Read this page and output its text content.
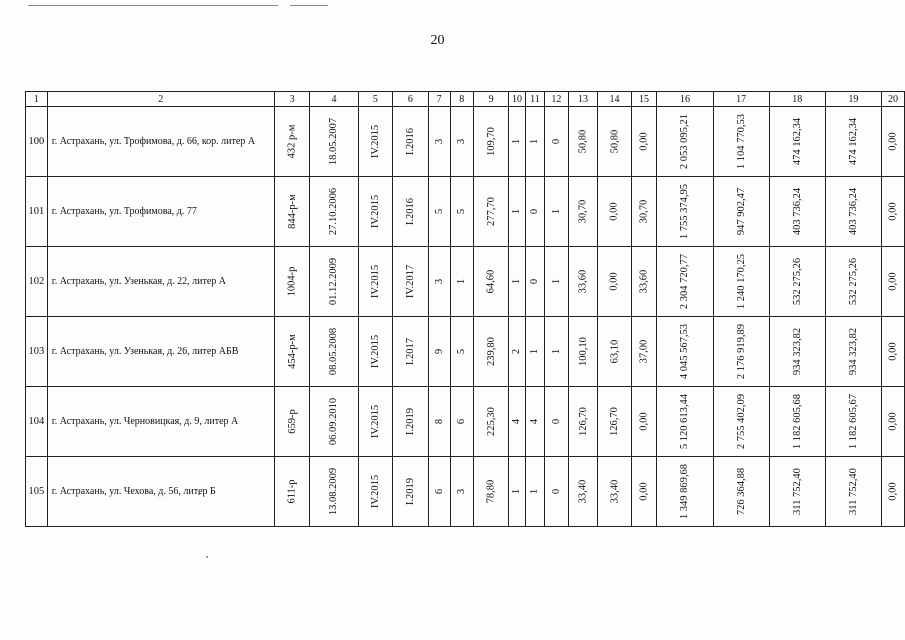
20
1	2	3	4	5	6	7	8	9	10	11	12	13	14	15	16	17	18	19	20
100	г. Астрахань, ул. Трофимова, д. 66, кор. литер А	432 р-м	18.05.2007	IV.2015	I.2016	3	3	109,70	1	1	0	50,80	50,80	0,00	2 053 095,21	1 104 770,53	474 162,34	474 162,34	0,00
101	г. Астрахань, ул. Трофимова, д. 77	844-р-м	27.10.2006	IV.2015	I.2016	5	5	277,70	1	0	1	30,70	0,00	30,70	1 755 374,95	947 902,47	403 736,24	403 736,24	0,00
102	г. Астрахань, ул. Узенькая, д. 22, литер А	1004-р	01.12.2009	IV.2015	IV.2017	3	1	64,60	1	0	1	33,60	0,00	33,60	2 304 720,77	1 240 170,25	532 275,26	532 275,26	0,00
103	г. Астрахань, ул. Узенькая, д. 26, литер АБВ	454-р-м	08.05.2008	IV.2015	I.2017	9	5	239,80	2	1	1	100,10	63,10	37,00	4 045 567,53	2 176 919,89	934 323,82	934 323,82	0,00
104	г. Астрахань, ул. Черновицкая, д. 9, литер А	659-р	06.09.2010	IV.2015	I.2019	8	6	225,30	4	4	0	126,70	126,70	0,00	5 120 613,44	2 755 402,09	1 182 605,68	1 182 605,67	0,00
105	г. Астрахань, ул. Чехова, д. 56, литер Б	611-р	13.08.2009	IV.2015	I.2019	6	3	78,80	1	1	0	33,40	33,40	0,00	1 349 869,68	726 364,88	311 752,40	311 752,40	0,00
